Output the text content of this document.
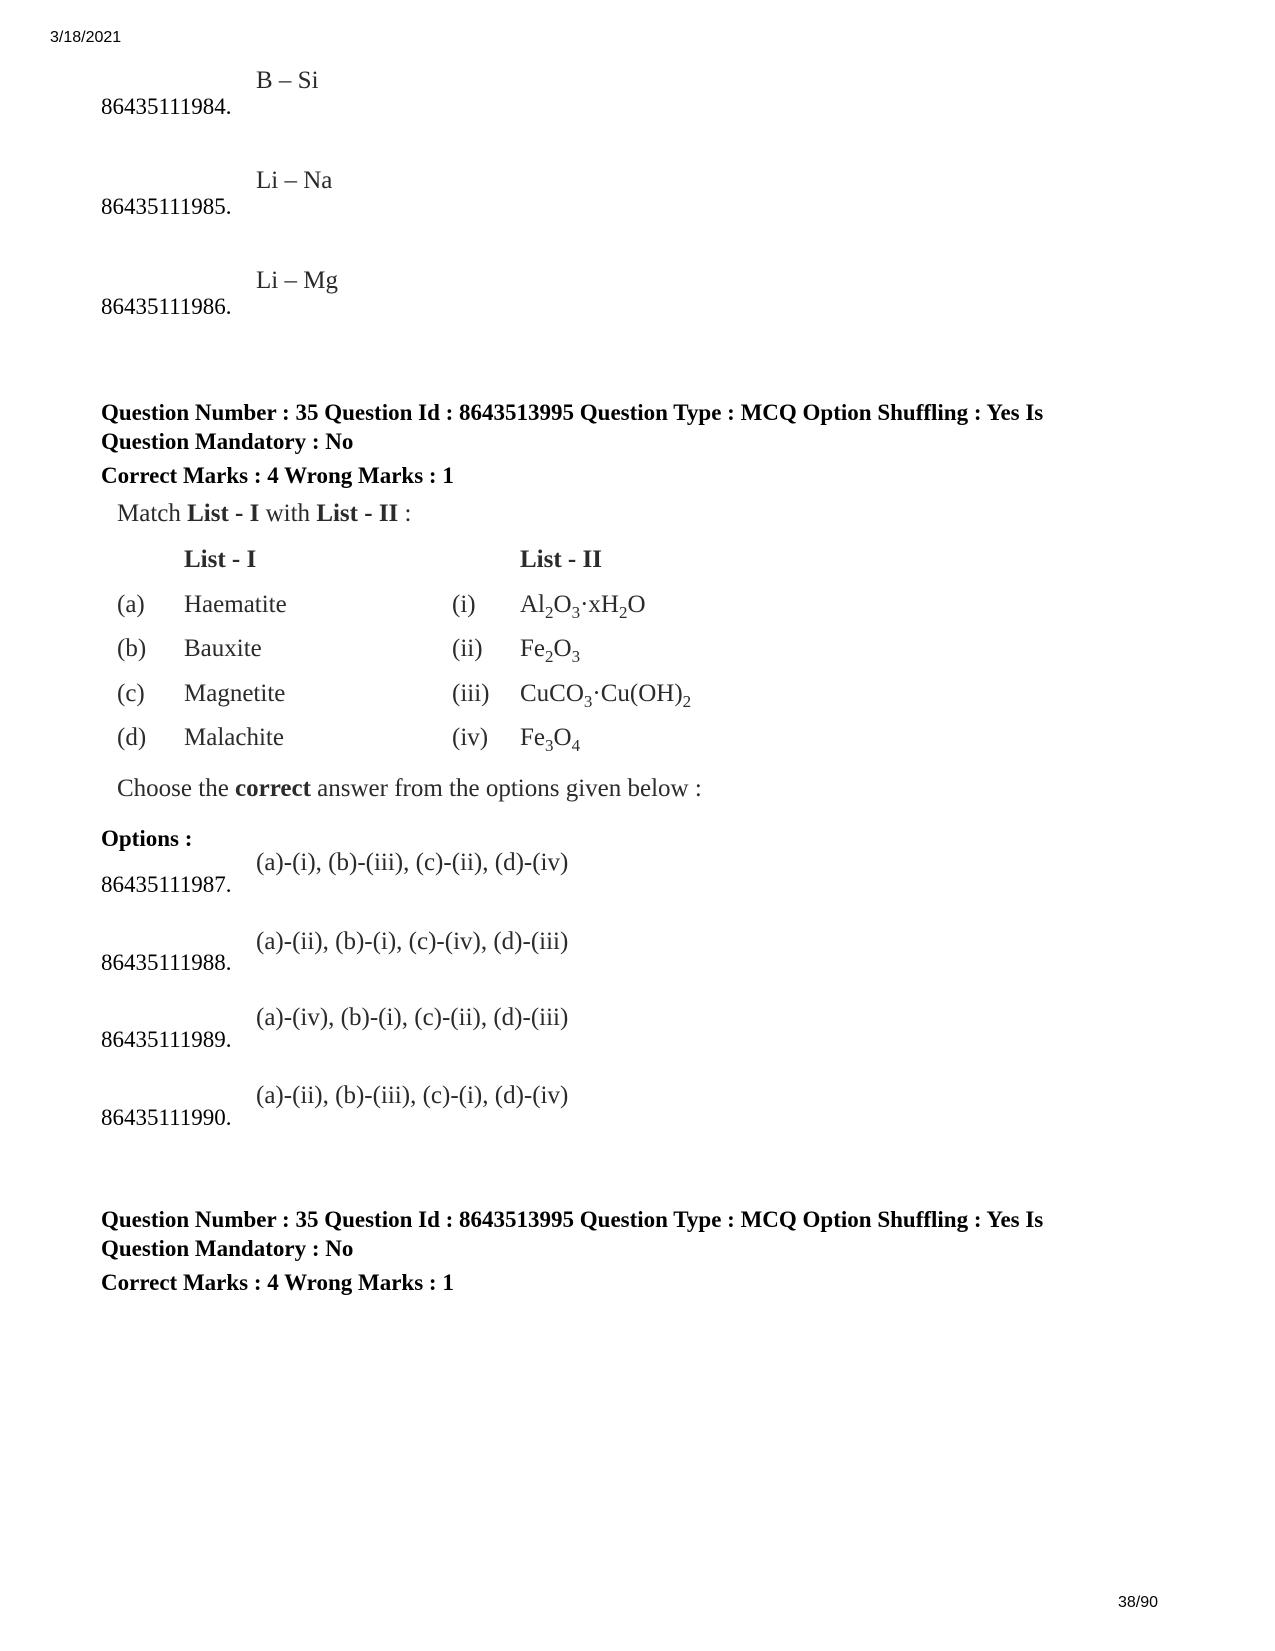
3/18/2021
86435111984.
B – Si
86435111985.
Li – Na
86435111986.
Li – Mg
Question Number : 35 Question Id : 8643513995 Question Type : MCQ Option Shuffling : Yes Is
Question Mandatory : No
Correct Marks : 4 Wrong Marks : 1
Match List - I with List - II :
List - I	List - II
(a) Haematite	(i) $Al_2O_3\cdot xH_2O$
(b) Bauxite	(ii) $Fe_2O_3$
(c) Magnetite	(iii) $CuCO_3\cdot Cu(OH)_2$
(d) Malachite	(iv) $Fe_3O_4$
Choose the correct answer from the options given below :
Options :
86435111987.
(a)-(i), (b)-(iii), (c)-(ii), (d)-(iv)
86435111988.
(a)-(ii), (b)-(i), (c)-(iv), (d)-(iii)
86435111989.
(a)-(iv), (b)-(i), (c)-(ii), (d)-(iii)
86435111990.
(a)-(ii), (b)-(iii), (c)-(i), (d)-(iv)
Question Number : 35 Question Id : 8643513995 Question Type : MCQ Option Shuffling : Yes Is
Question Mandatory : No
Correct Marks : 4 Wrong Marks : 1
38/90
